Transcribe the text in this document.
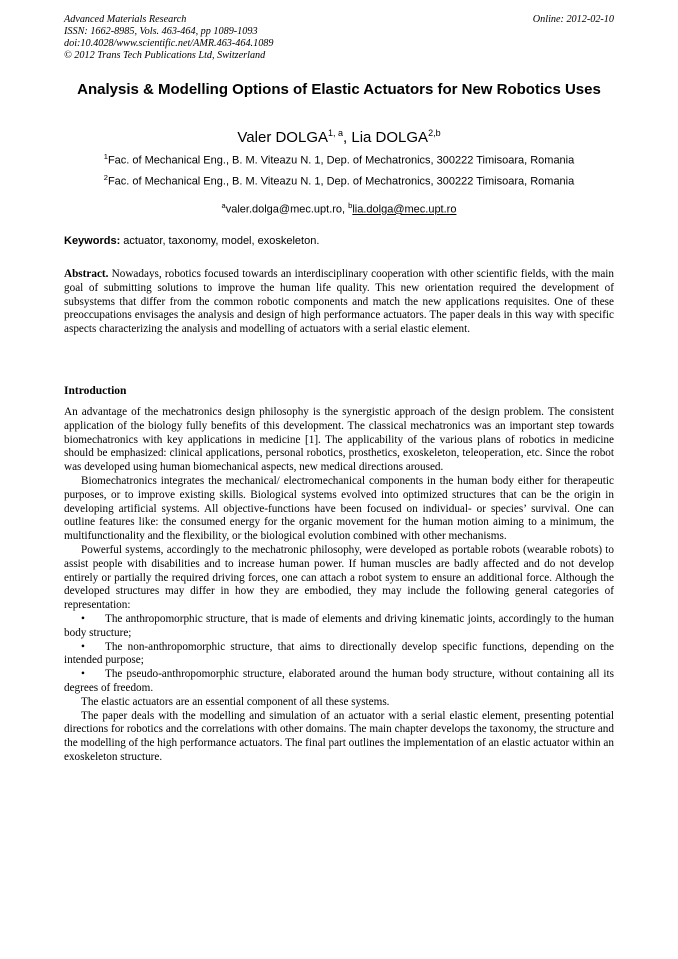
Advanced Materials Research
ISSN: 1662-8985, Vols. 463-464, pp 1089-1093
doi:10.4028/www.scientific.net/AMR.463-464.1089
© 2012 Trans Tech Publications Ltd, Switzerland
Online: 2012-02-10
Analysis & Modelling Options of Elastic Actuators for New Robotics Uses
Valer DOLGA$^{1, a}$, Lia DOLGA$^{2,b}$
$^1$Fac. of Mechanical Eng., B. M. Viteazu N. 1, Dep. of Mechatronics, 300222 Timisoara, Romania
$^2$Fac. of Mechanical Eng., B. M. Viteazu N. 1, Dep. of Mechatronics, 300222 Timisoara, Romania
$^a$valer.dolga@mec.upt.ro, $^b$lia.dolga@mec.upt.ro
Keywords: actuator, taxonomy, model, exoskeleton.

Abstract. Nowadays, robotics focused towards an interdisciplinary cooperation with other scientific fields, with the main goal of submitting solutions to improve the human life quality. This new orientation required the development of subsystems that differ from the common robotic components and match the new applications requisites. One of these preoccupations envisages the analysis and design of high performance actuators. The paper deals in this way with specific aspects characterizing the analysis and modelling of actuators with a serial elastic element.

Introduction

An advantage of the mechatronics design philosophy is the synergistic approach of the design problem. The consistent application of the biology fully benefits of this development. The classical mechatronics was an important step towards biomechatronics with key applications in medicine [1]. The applicability of the various plans of robotics in medicine should be emphasized: clinical applications, personal robotics, prosthetics, exoskeleton, teleoperation, etc. Since the robot was developed using human biomechanical aspects, new medical directions aroused.

Biomechatronics integrates the mechanical/ electromechanical components in the human body either for therapeutic purposes, or to improve existing skills. Biological systems evolved into optimized structures that can be the origin in developing artificial systems. All objective-functions have been focused on individual- or species’ survival. One can outline features like: the consumed energy for the organic movement for the human motion aiming to a minimum, the multifunctionality and the flexibility, or the biological evolution combined with other mechanisms.

Powerful systems, accordingly to the mechatronic philosophy, were developed as portable robots (wearable robots) to assist people with disabilities and to increase human power. If human muscles are badly affected and do not develop entirely or partially the required driving forces, one can attach a robot system to ensure an additional force. Although the developed structures may differ in how they are embodied, they may include the following general categories of representation:

• The anthropomorphic structure, that is made of elements and driving kinematic joints, accordingly to the human body structure;

• The non-anthropomorphic structure, that aims to directionally develop specific functions, depending on the intended purpose;

• The pseudo-anthropomorphic structure, elaborated around the human body structure, without containing all its degrees of freedom.

The elastic actuators are an essential component of all these systems.

The paper deals with the modelling and simulation of an actuator with a serial elastic element, presenting potential directions for robotics and the correlations with other domains. The main chapter develops the taxonomy, the structure and the modelling of the high performance actuators. The final part outlines the implementation of an elastic actuator within an exoskeleton structure.
